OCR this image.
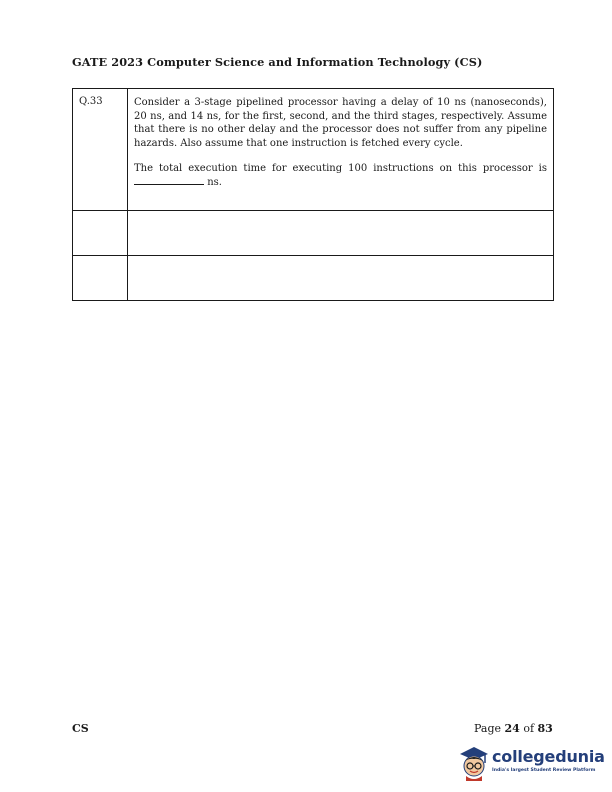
GATE 2023 Computer Science and Information Technology (CS)
Q.33	Consider a 3-stage pipelined processor having a delay of 10 ns (nanoseconds), 20 ns, and 14 ns, for the first, second, and the third stages, respectively. Assume that there is no other delay and the processor does not suffer from any pipeline hazards. Also assume that one instruction is fetched every cycle.
The total execution time for executing 100 instructions on this processor is  ns.

CS	Page 24 of 83
collegedunia
India's largest Student Review Platform
